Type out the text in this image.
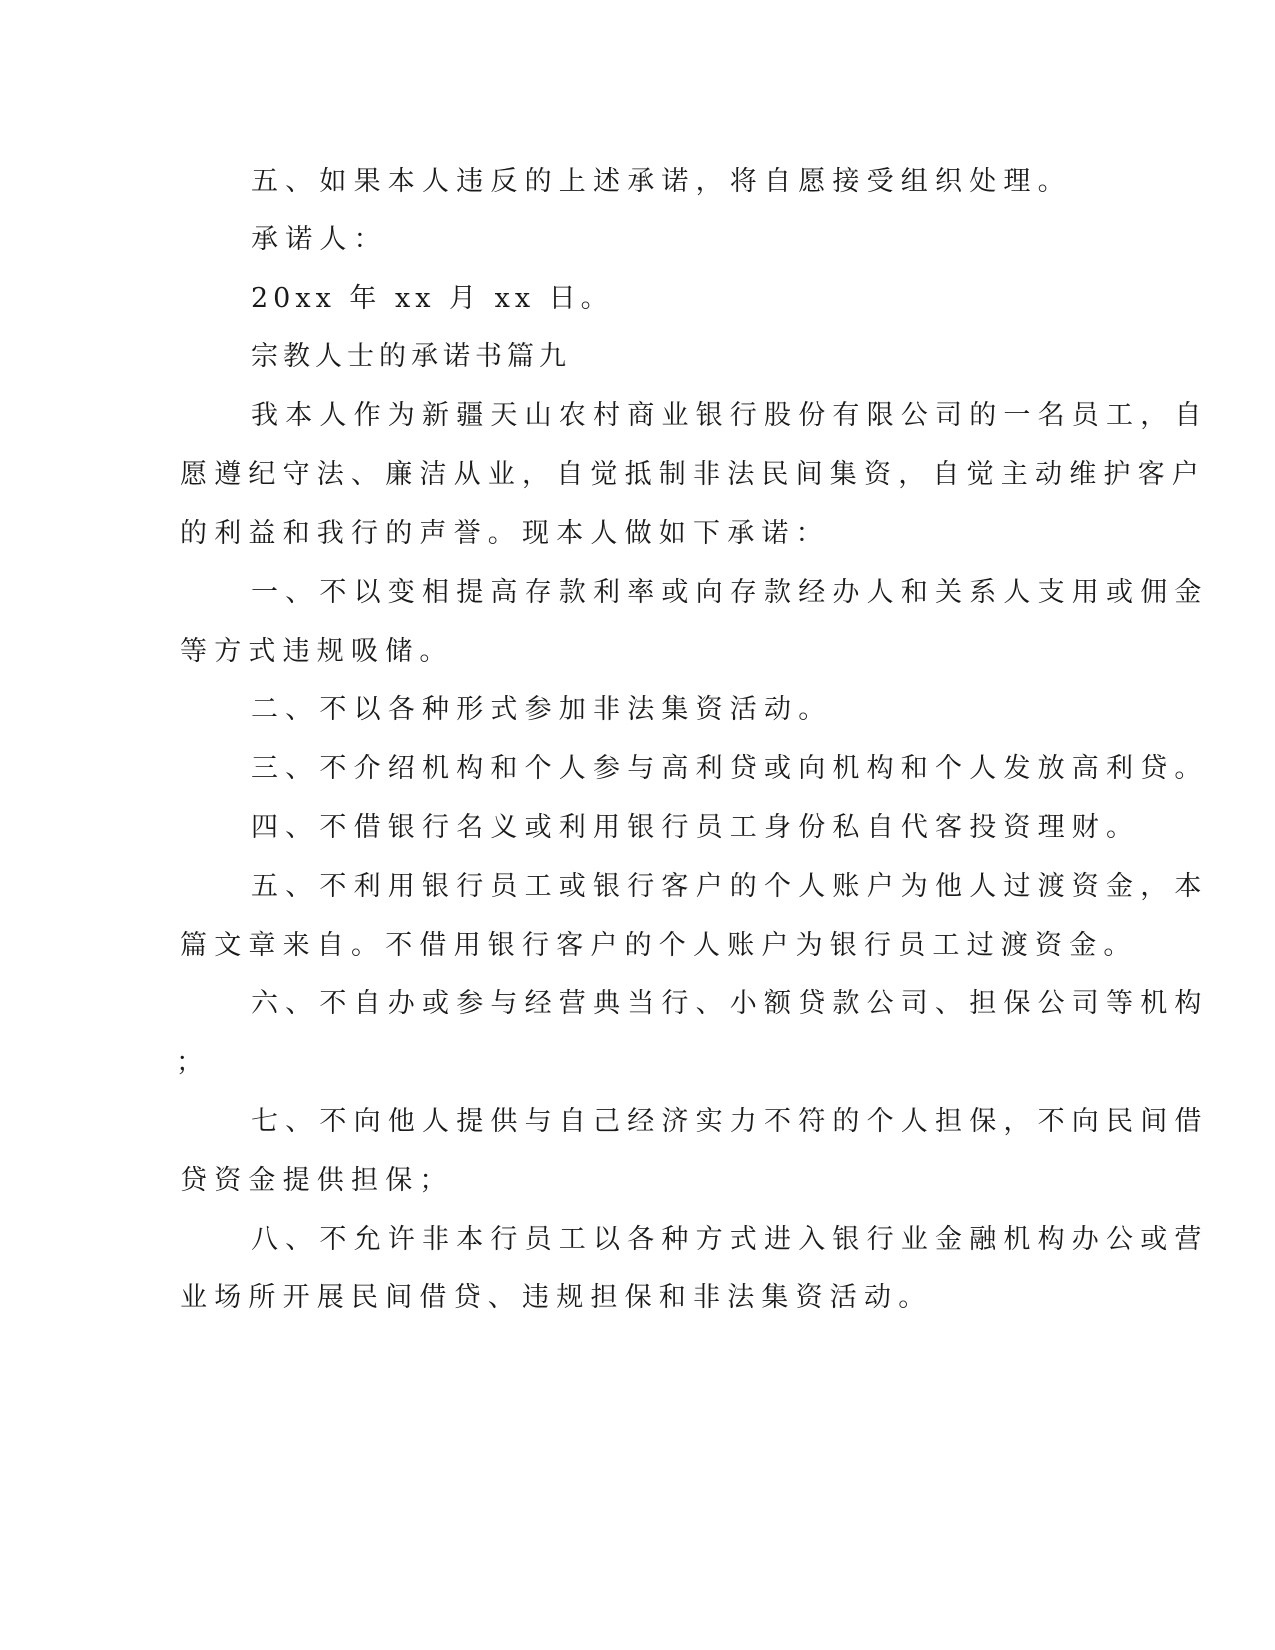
五、如果本人违反的上述承诺，将自愿接受组织处理。
承诺人：
20xx 年 xx 月 xx 日。
宗教人士的承诺书篇九
我本人作为新疆天山农村商业银行股份有限公司的一名员工，自
愿遵纪守法、廉洁从业，自觉抵制非法民间集资，自觉主动维护客户
的利益和我行的声誉。现本人做如下承诺：
一、不以变相提高存款利率或向存款经办人和关系人支用或佣金
等方式违规吸储。
二、不以各种形式参加非法集资活动。
三、不介绍机构和个人参与高利贷或向机构和个人发放高利贷。
四、不借银行名义或利用银行员工身份私自代客投资理财。
五、不利用银行员工或银行客户的个人账户为他人过渡资金，本
篇文章来自。不借用银行客户的个人账户为银行员工过渡资金。
六、不自办或参与经营典当行、小额贷款公司、担保公司等机构
；
七、不向他人提供与自己经济实力不符的个人担保，不向民间借
贷资金提供担保；
八、不允许非本行员工以各种方式进入银行业金融机构办公或营
业场所开展民间借贷、违规担保和非法集资活动。
